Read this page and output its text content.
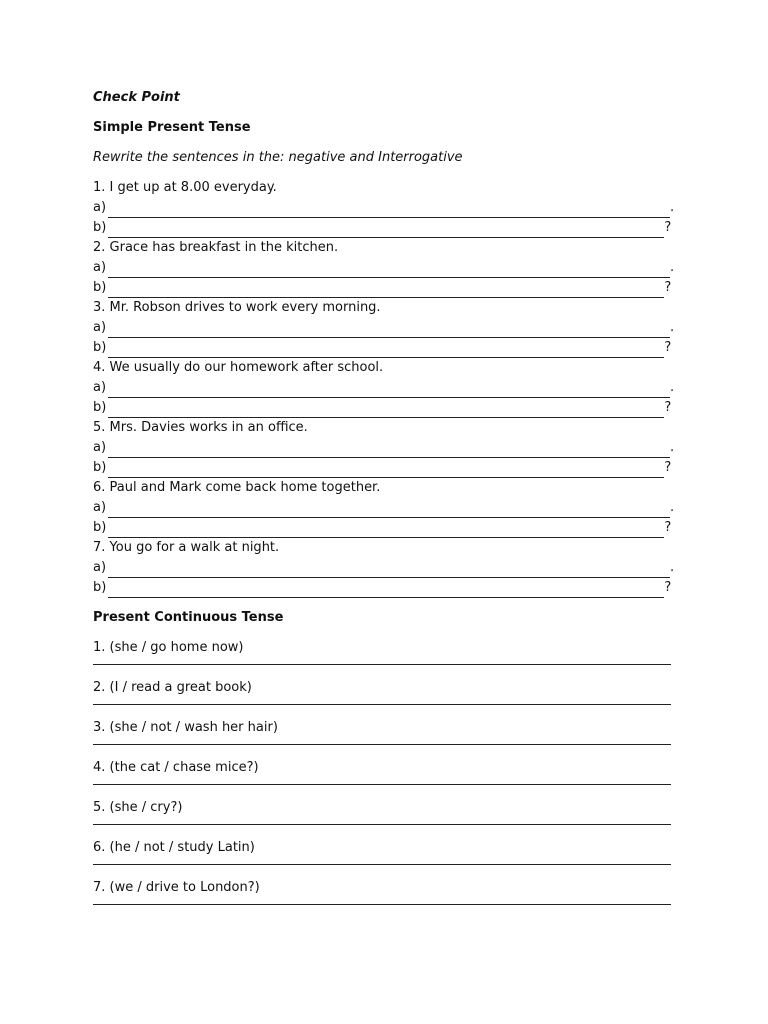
Check Point
Simple Present Tense
Rewrite the sentences in the: negative and Interrogative
1. I get up at 8.00 everyday.
a)	.
b)	?
2. Grace has breakfast in the kitchen.
a)	.
b)	?
3. Mr. Robson drives to work every morning.
a)	.
b)	?
4. We usually do our homework after school.
a)	.
b)	?
5. Mrs. Davies works in an office.
a)	.
b)	?
6. Paul and Mark come back home together.
a)	.
b)	?
7. You go for a walk at night.
a)	.
b)	?
Present Continuous Tense
1. (she / go home now)
2. (I / read a great book)
3. (she / not / wash her hair)
4. (the cat / chase mice?)
5. (she / cry?)
6. (he / not / study Latin)
7. (we / drive to London?)
